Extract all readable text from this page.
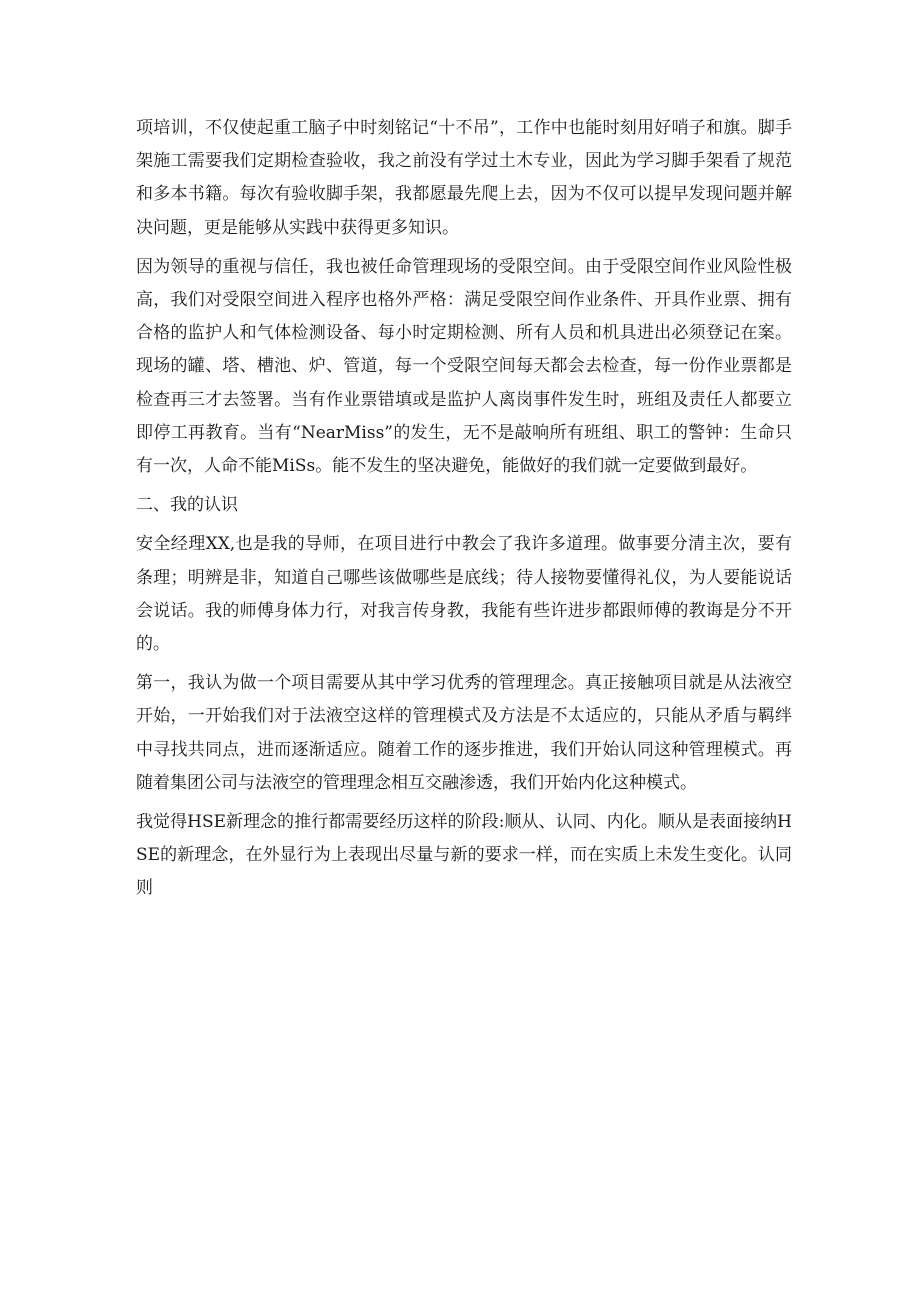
项培训，不仅使起重工脑子中时刻铭记“十不吊”，工作中也能时刻用好哨子和旗。脚手架施工需要我们定期检查验收，我之前没有学过土木专业，因此为学习脚手架看了规范和多本书籍。每次有验收脚手架，我都愿最先爬上去，因为不仅可以提早发现问题并解决问题，更是能够从实践中获得更多知识。

因为领导的重视与信任，我也被任命管理现场的受限空间。由于受限空间作业风险性极高，我们对受限空间进入程序也格外严格：满足受限空间作业条件、开具作业票、拥有合格的监护人和气体检测设备、每小时定期检测、所有人员和机具进出必须登记在案。现场的罐、塔、槽池、炉、管道，每一个受限空间每天都会去检查，每一份作业票都是检查再三才去签署。当有作业票错填或是监护人离岗事件发生时，班组及责任人都要立即停工再教育。当有“NearMiss”的发生，无不是敲响所有班组、职工的警钟：生命只有一次，人命不能MiSs。能不发生的坚决避免，能做好的我们就一定要做到最好。

二、我的认识

安全经理XX,也是我的导师，在项目进行中教会了我许多道理。做事要分清主次，要有条理；明辨是非，知道自己哪些该做哪些是底线；待人接物要懂得礼仪，为人要能说话会说话。我的师傅身体力行，对我言传身教，我能有些许进步都跟师傅的教诲是分不开的。

第一，我认为做一个项目需要从其中学习优秀的管理理念。真正接触项目就是从法液空开始，一开始我们对于法液空这样的管理模式及方法是不太适应的，只能从矛盾与羁绊中寻找共同点，进而逐渐适应。随着工作的逐步推进，我们开始认同这种管理模式。再随着集团公司与法液空的管理理念相互交融渗透，我们开始内化这种模式。

我觉得HSE新理念的推行都需要经历这样的阶段:顺从、认同、内化。顺从是表面接纳HSE的新理念，在外显行为上表现出尽量与新的要求一样，而在实质上未发生变化。认同则
